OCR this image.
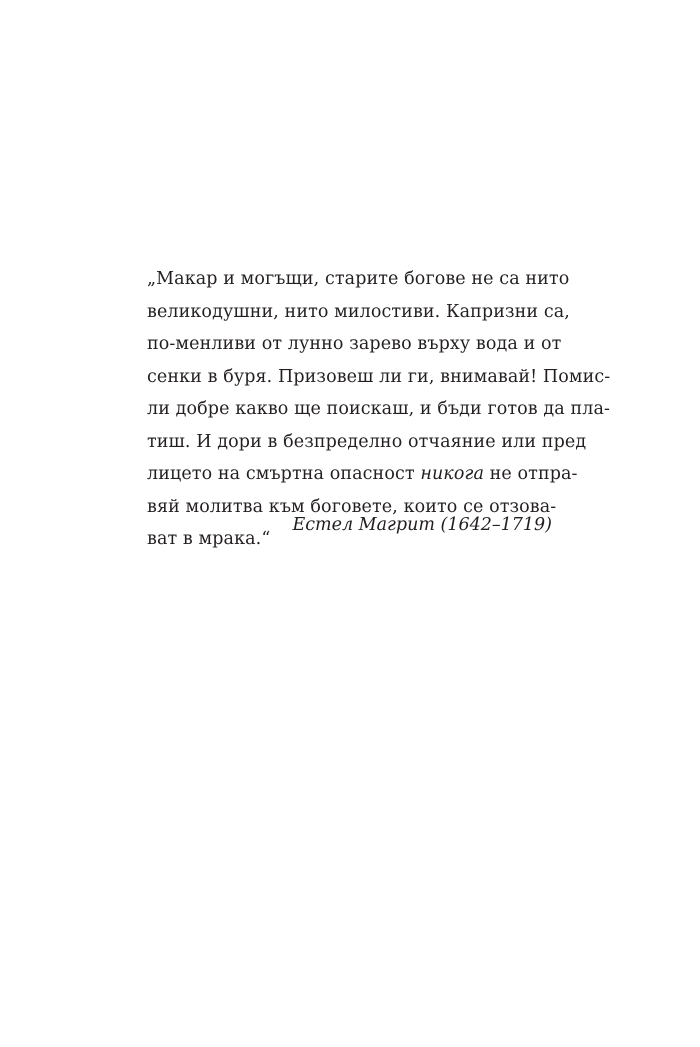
„Макар и могъщи, старите богове не са нито
великодушни, нито милостиви. Капризни са,
по-менливи от лунно зарево върху вода и от
сенки в буря. Призовеш ли ги, внимавай! Помис-
ли добре какво ще поискаш, и бъди готов да пла-
тиш. И дори в безпределно отчаяние или пред
лицето на смъртна опасност никога не отпра-
вяй молитва към боговете, които се отзова-
ват в мрака.“
Естел Магрит (1642–1719)
